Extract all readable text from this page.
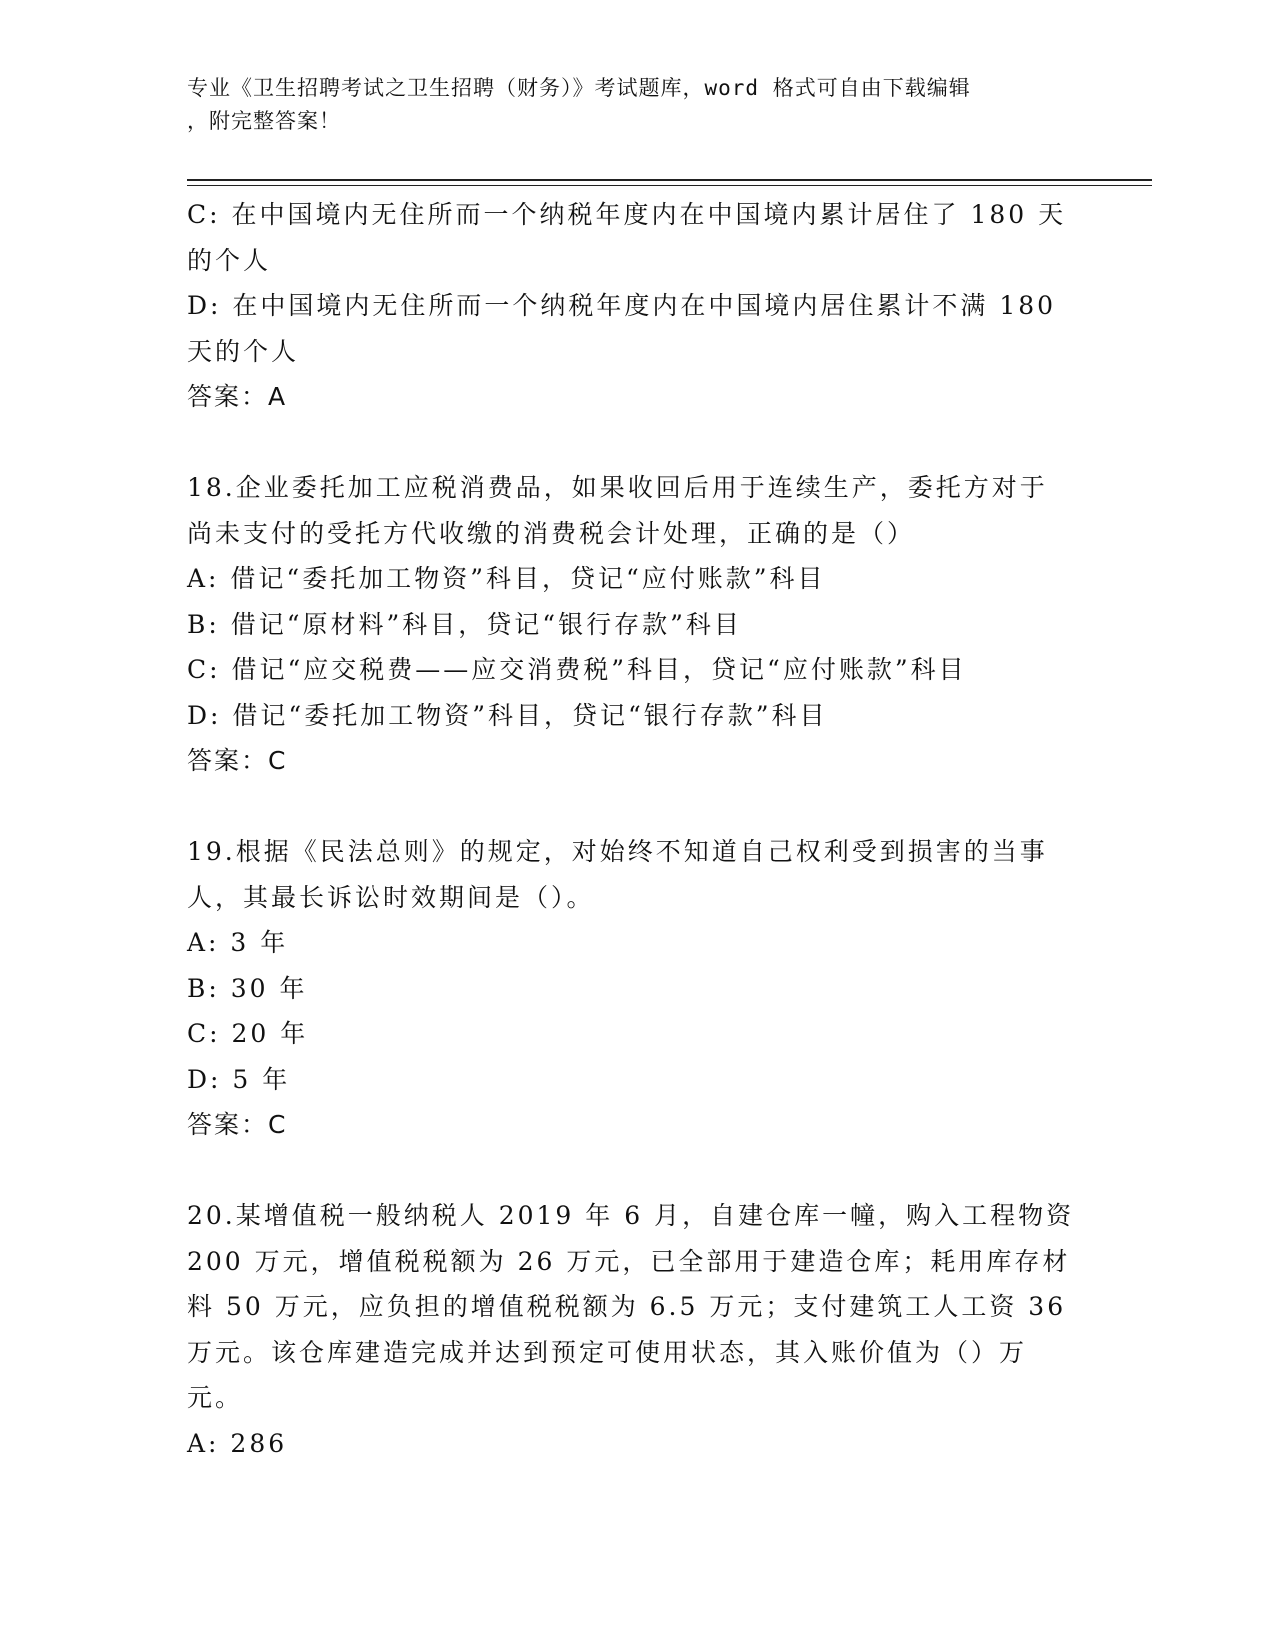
专业《卫生招聘考试之卫生招聘（财务）》考试题库，word 格式可自由下载编辑
，附完整答案！
C: 在中国境内无住所而一个纳税年度内在中国境内累计居住了 180 天
的个人
D: 在中国境内无住所而一个纳税年度内在中国境内居住累计不满 180
天的个人
答案：A
18.企业委托加工应税消费品，如果收回后用于连续生产，委托方对于
尚未支付的受托方代收缴的消费税会计处理，正确的是（）
A: 借记“委托加工物资”科目，贷记“应付账款”科目
B: 借记“原材料”科目，贷记“银行存款”科目
C: 借记“应交税费——应交消费税”科目，贷记“应付账款”科目
D: 借记“委托加工物资”科目，贷记“银行存款”科目
答案：C
19.根据《民法总则》的规定，对始终不知道自己权利受到损害的当事
人，其最长诉讼时效期间是（）。
A: 3 年
B: 30 年
C: 20 年
D: 5 年
答案：C
20.某增值税一般纳税人 2019 年 6 月，自建仓库一幢，购入工程物资
200 万元，增值税税额为 26 万元，已全部用于建造仓库；耗用库存材
料 50 万元，应负担的增值税税额为 6.5 万元；支付建筑工人工资 36
万元。该仓库建造完成并达到预定可使用状态，其入账价值为（）万
元。
A: 286
